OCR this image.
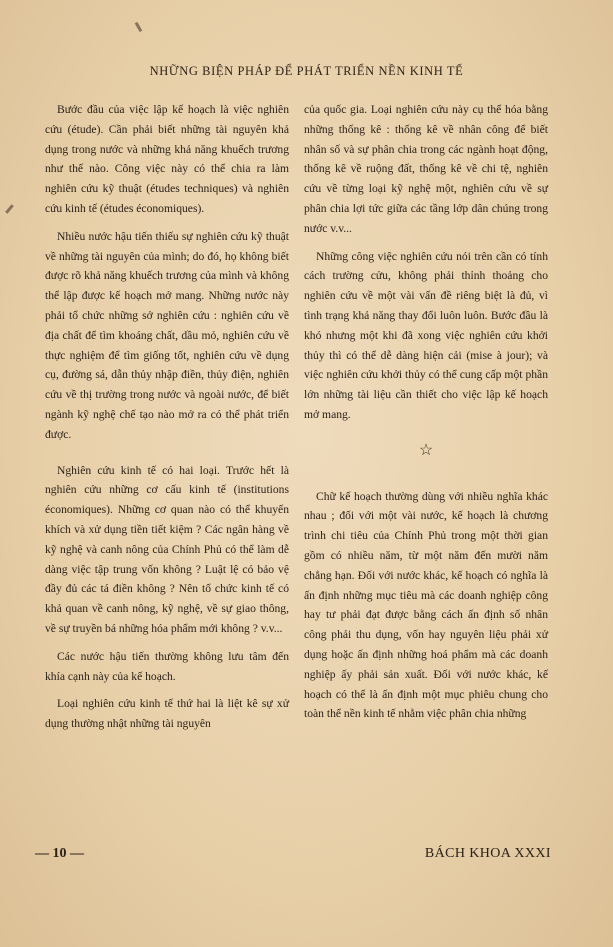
NHỮNG BIỆN PHÁP ĐỂ PHÁT TRIỂN NỀN KINH TẾ

Bước đầu của việc lập kế hoạch là việc nghiên cứu (étude). Cần phải biết những tài nguyên khả dụng trong nước và những khả năng khuếch trương như thế nào. Công việc này có thể chia ra làm nghiên cứu kỹ thuật (études techniques) và nghiên cứu kinh tế (études économiques).

Nhiều nước hậu tiến thiếu sự nghiên cứu kỹ thuật về những tài nguyên của mình; do đó, họ không biết được rõ khả năng khuếch trương của mình và không thể lập được kế hoạch mở mang. Những nước này phải tổ chức những sở nghiên cứu : nghiên cứu về địa chất để tìm khoáng chất, dầu mỏ, nghiên cứu về thực nghiệm để tìm giống tốt, nghiên cứu về dụng cụ, đường sá, dẫn thủy nhập điền, thủy điện, nghiên cứu về thị trường trong nước và ngoài nước, để biết ngành kỹ nghệ chế tạo nào mở ra có thể phát triển được.

Nghiên cứu kinh tế có hai loại. Trước hết là nghiên cứu những cơ cấu kinh tế (institutions économiques). Những cơ quan nào có thể khuyến khích và xử dụng tiền tiết kiệm ? Các ngân hàng về kỹ nghệ và canh nông của Chính Phủ có thể làm dễ dàng việc tập trung vốn không ? Luật lệ có bảo vệ đầy đủ các tá điền không ? Nên tổ chức kinh tế có khả quan về canh nông, kỹ nghệ, về sự giao thông, về sự truyền bá những hóa phẩm mới không ? v.v...

Các nước hậu tiến thường không lưu tâm đến khía cạnh này của kế hoạch.

Loại nghiên cứu kinh tế thứ hai là liệt kê sự xử dụng thường nhật những tài nguyên

của quốc gia. Loại nghiên cứu này cụ thể hóa bằng những thống kê : thống kê về nhân công để biết nhân số và sự phân chia trong các ngành hoạt động, thống kê về ruộng đất, thống kê về chi tệ, nghiên cứu về từng loại kỹ nghệ một, nghiên cứu về sự phân chia lợi tức giữa các tầng lớp dân chúng trong nước v.v...

Những công việc nghiên cứu nói trên cần có tính cách trường cửu, không phải thỉnh thoảng cho nghiên cứu về một vài vấn đề riêng biệt là đủ, vì tình trạng khả năng thay đổi luôn luôn. Bước đầu là khó nhưng một khi đã xong việc nghiên cứu khởi thủy thì có thể dễ dàng hiện cải (mise à jour); và việc nghiên cứu khởi thủy có thể cung cấp một phần lớn những tài liệu cần thiết cho việc lập kế hoạch mở mang.

☆

Chữ kế hoạch thường dùng với nhiều nghĩa khác nhau ; đối với một vài nước, kế hoạch là chương trình chi tiêu của Chính Phủ trong một thời gian gồm có nhiều năm, từ một năm đến mười năm chẳng hạn. Đối với nước khác, kế hoạch có nghĩa là ấn định những mục tiêu mà các doanh nghiệp công hay tư phải đạt được bằng cách ấn định số nhân công phải thu dụng, vốn hay nguyên liệu phải xử dụng hoặc ấn định những hoá phẩm mà các doanh nghiệp ấy phải sản xuất. Đối với nước khác, kế hoạch có thể là ấn định một mục phiêu chung cho toàn thể nền kinh tế nhằm việc phân chia những

— 10 —	BÁCH KHOA XXXI
